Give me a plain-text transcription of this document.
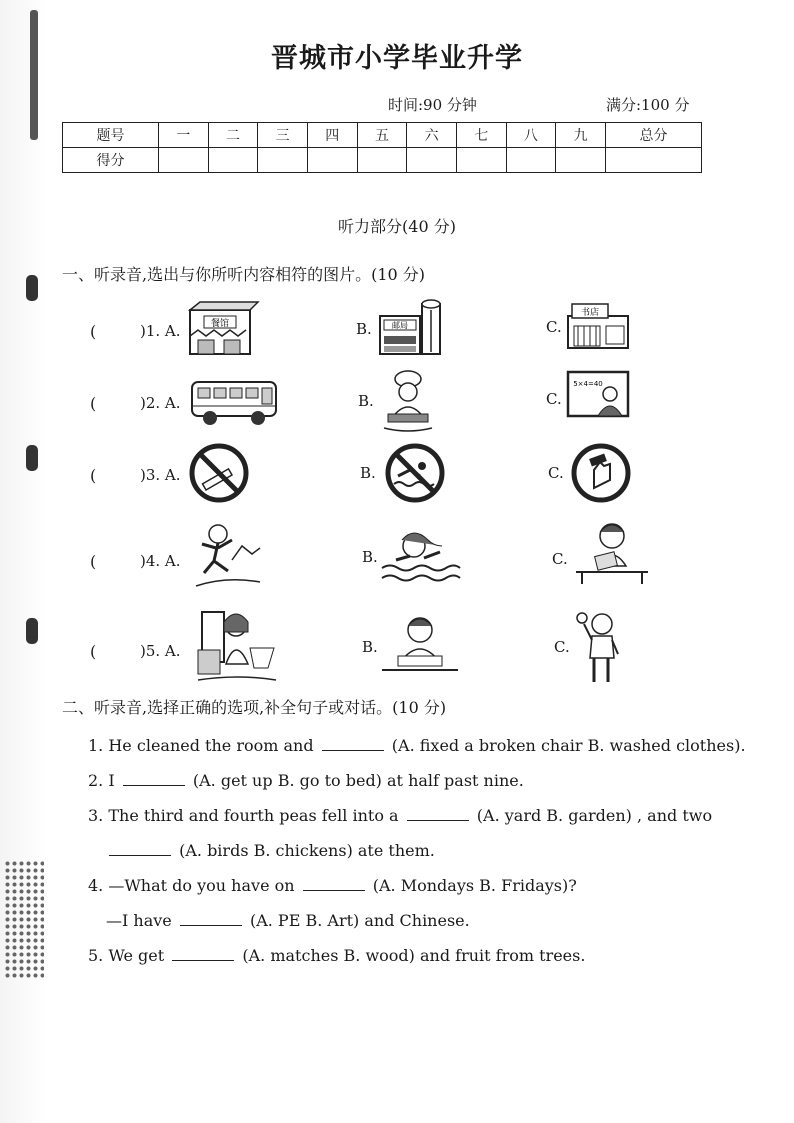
晋城市小学毕业升学
时间:90 分钟	满分:100 分
题号	一	二	三	四	五	六	七	八	九	总分
得分										
听力部分(40 分)
一、听录音,选出与你所听内容相符的图片。(10 分)
(	)1. A.	餐馆	B.	邮局	C.
书店
(	)2. A.	B.	C.
5×4=40
(	)3. A.	B.	C.
(	)4. A.	B.	C.
(	)5. A.	B.	C.
二、听录音,选择正确的选项,补全句子或对话。(10 分)
1. He cleaned the room and	(A. fixed a broken chair B. washed clothes).
2. I	(A. get up B. go to bed) at half past nine.
3. The third and fourth peas fell into a	(A. yard B. garden) , and two
(A. birds B. chickens) ate them.
4. —What do you have on	(A. Mondays B. Fridays)?
—I have	(A. PE B. Art) and Chinese.
5. We get	(A. matches B. wood) and fruit from trees.
